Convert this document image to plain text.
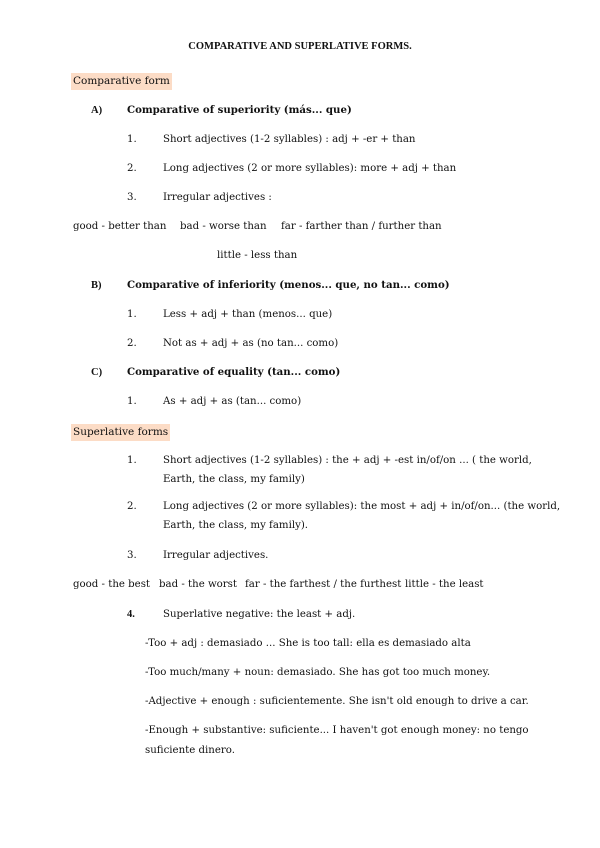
COMPARATIVE AND SUPERLATIVE FORMS.
Comparative form
A) Comparative of superiority (más... que)
1.	Short adjectives (1-2 syllables) : adj + -er + than
2.	Long adjectives (2 or more syllables): more + adj + than
3.	Irregular adjectives :
good - better than bad - worse than far - farther than / further than
little - less than
B)	Comparative of inferiority (menos... que, no tan... como)
1.	Less + adj + than (menos... que)
2.	Not as + adj + as (no tan... como)
C) Comparative of equality (tan... como)
1.	As + adj + as (tan... como)
Superlative forms
1.	Short adjectives (1-2 syllables) : the + adj + -est in/of/on ... ( the world,
Earth, the class, my family)
2.	Long adjectives (2 or more syllables): the most + adj + in/of/on... (the world,
Earth, the class, my family).
3.	Irregular adjectives.
good - the best bad - the worst far - the farthest / the furthest little - the least
4.	Superlative negative: the least + adj.
-Too + adj : demasiado ... She is too tall: ella es demasiado alta
-Too much/many + noun: demasiado. She has got too much money.
-Adjective + enough : suficientemente. She isn't old enough to drive a car.
-Enough + substantive: suficiente... I haven't got enough money: no tengo
suficiente dinero.
